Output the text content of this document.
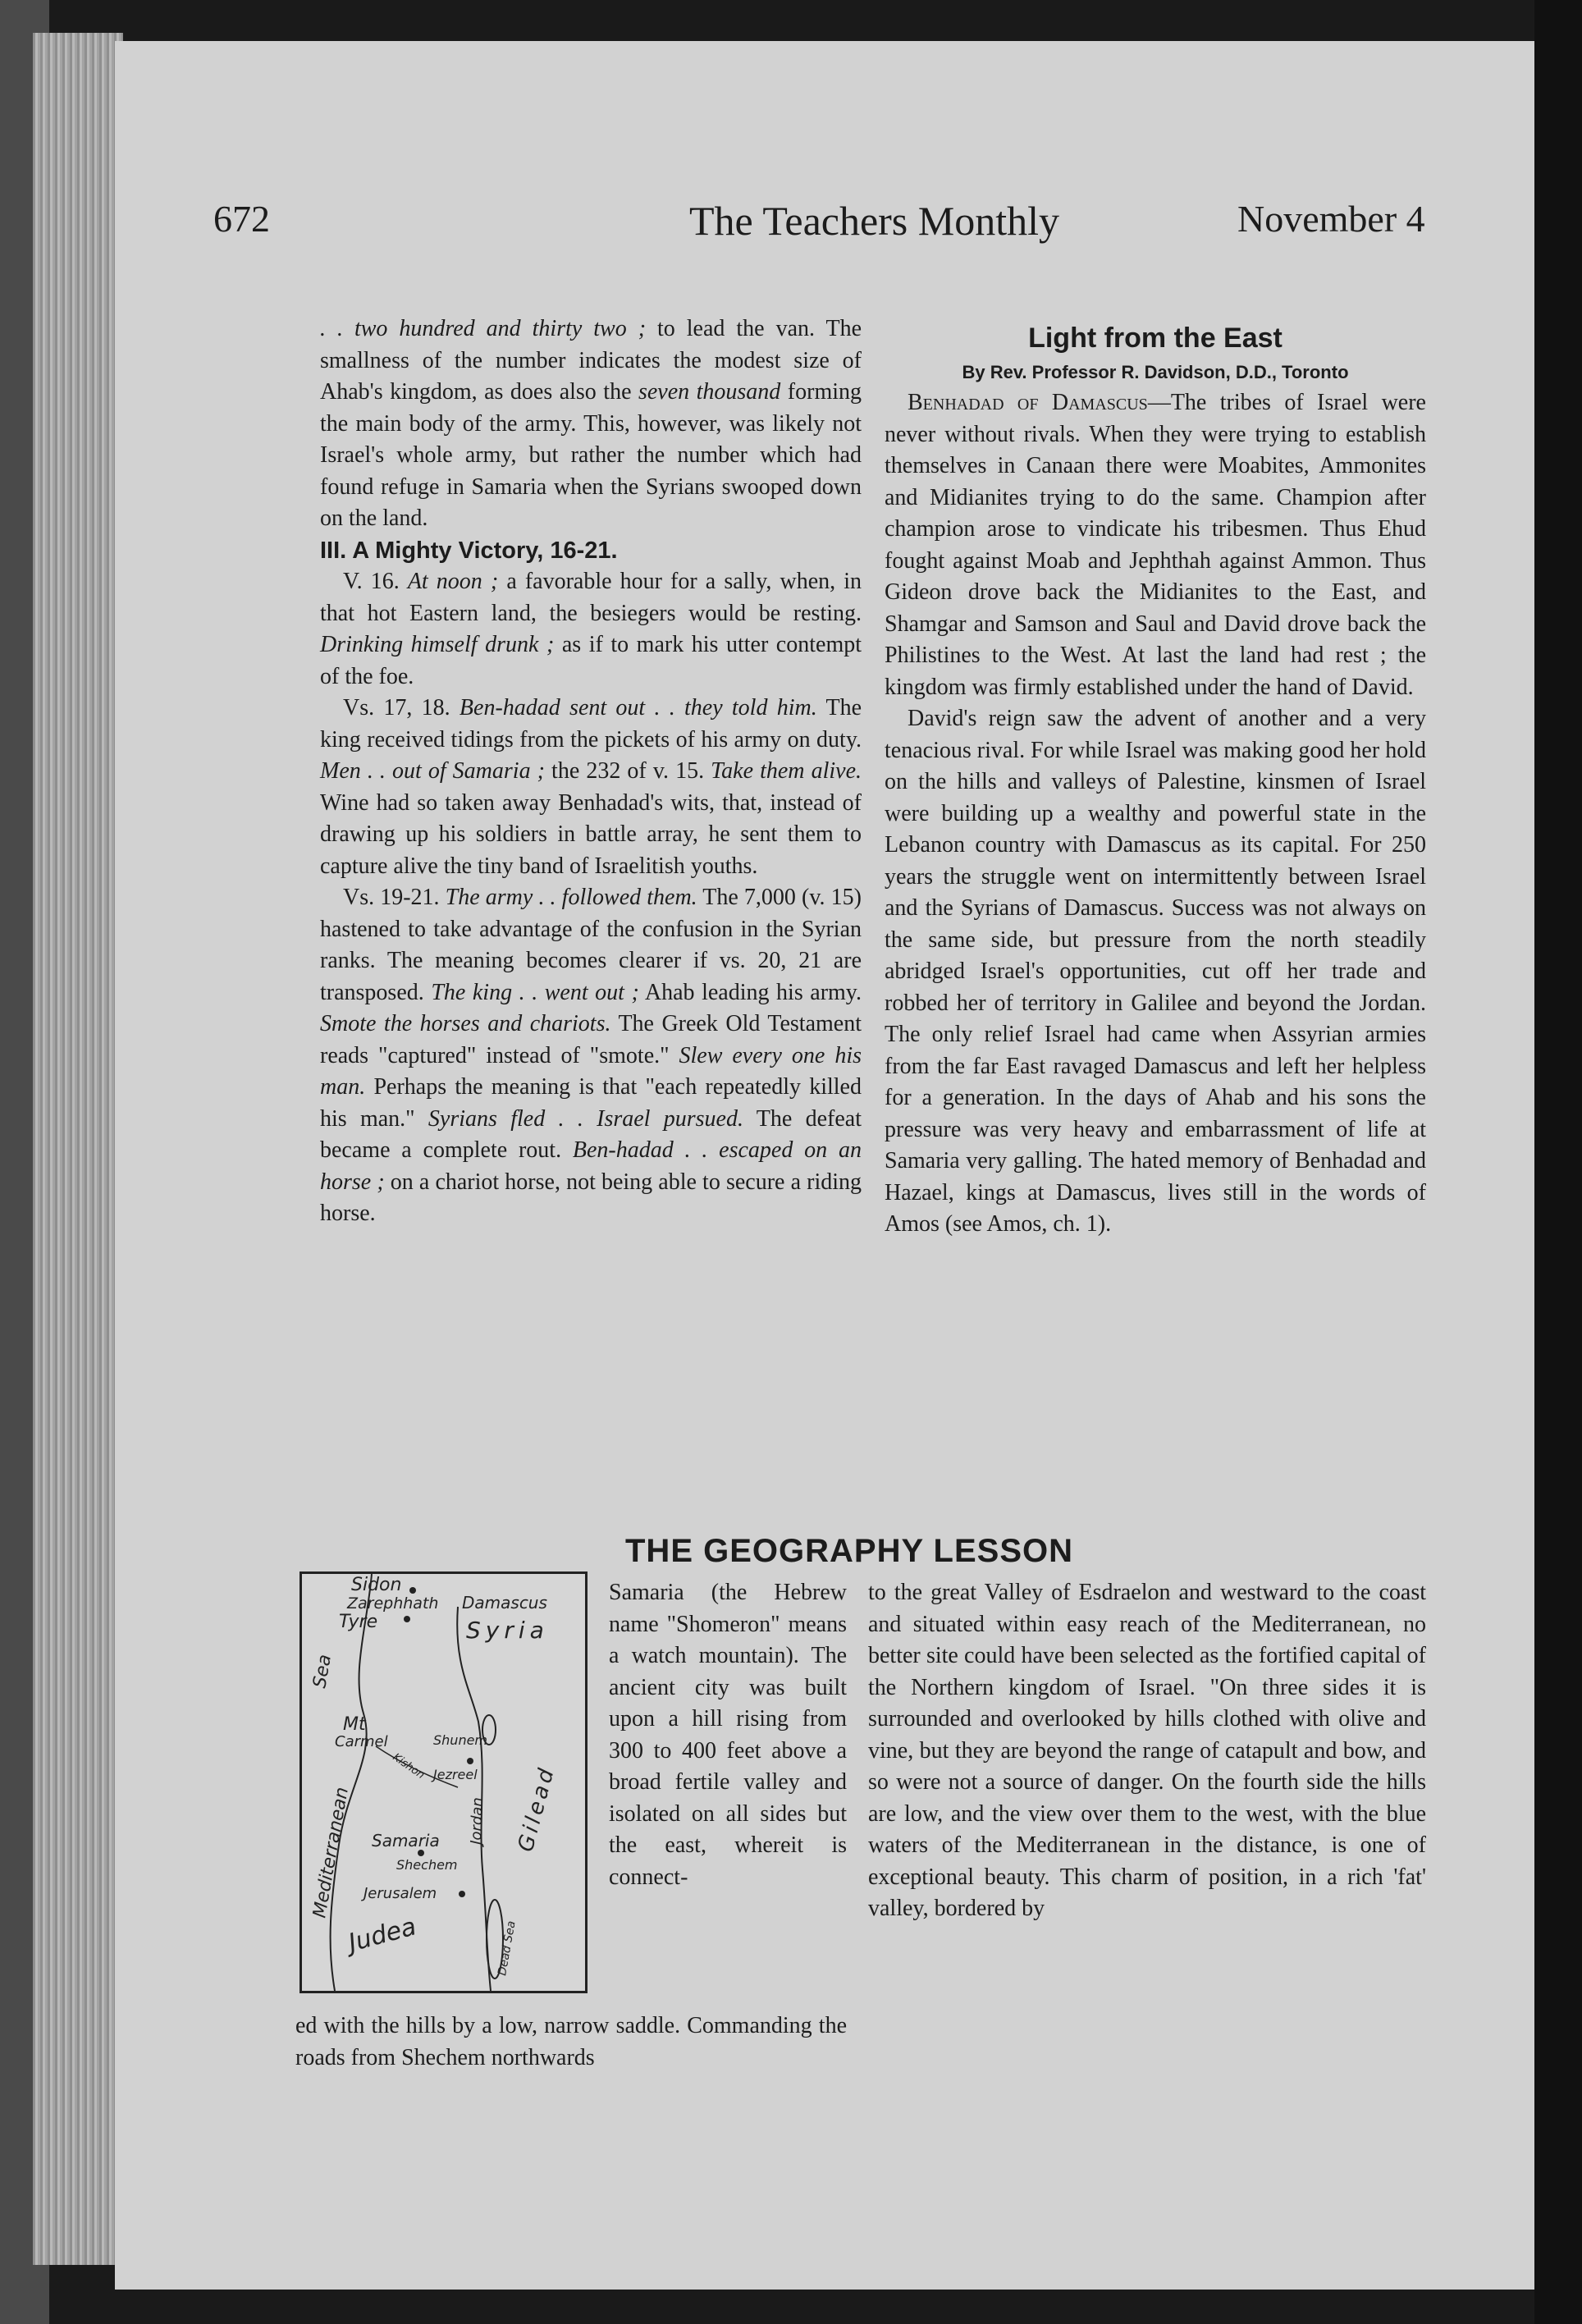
672	The Teachers Monthly	November 4

. . two hundred and thirty two ; to lead the van. The smallness of the number indicates the modest size of Ahab's kingdom, as does also the seven thousand forming the main body of the army. This, however, was likely not Israel's whole army, but rather the number which had found refuge in Samaria when the Syrians swooped down on the land.

III. A Mighty Victory, 16-21.

V. 16. At noon ; a favorable hour for a sally, when, in that hot Eastern land, the besiegers would be resting. Drinking himself drunk ; as if to mark his utter contempt of the foe.

Vs. 17, 18. Ben-hadad sent out . . they told him. The king received tidings from the pickets of his army on duty. Men . . out of Samaria ; the 232 of v. 15. Take them alive. Wine had so taken away Benhadad's wits, that, instead of drawing up his soldiers in battle array, he sent them to capture alive the tiny band of Israelitish youths.

Vs. 19-21. The army . . followed them. The 7,000 (v. 15) hastened to take advantage of the confusion in the Syrian ranks. The meaning becomes clearer if vs. 20, 21 are transposed. The king . . went out ; Ahab leading his army. Smote the horses and chariots. The Greek Old Testament reads "captured" instead of "smote." Slew every one his man. Perhaps the meaning is that "each repeatedly killed his man." Syrians fled . . Israel pursued. The defeat became a complete rout. Ben-hadad . . escaped on an horse ; on a chariot horse, not being able to secure a riding horse.

Light from the East

By Rev. Professor R. Davidson, D.D., Toronto

Benhadad of Damascus—The tribes of Israel were never without rivals. When they were trying to establish themselves in Canaan there were Moabites, Ammonites and Midianites trying to do the same. Champion after champion arose to vindicate his tribesmen. Thus Ehud fought against Moab and Jephthah against Ammon. Thus Gideon drove back the Midianites to the East, and Shamgar and Samson and Saul and David drove back the Philistines to the West. At last the land had rest ; the kingdom was firmly established under the hand of David.

David's reign saw the advent of another and a very tenacious rival. For while Israel was making good her hold on the hills and valleys of Palestine, kinsmen of Israel were building up a wealthy and powerful state in the Lebanon country with Damascus as its capital. For 250 years the struggle went on intermittently between Israel and the Syrians of Damascus. Success was not always on the same side, but pressure from the north steadily abridged Israel's opportunities, cut off her trade and robbed her of territory in Galilee and beyond the Jordan. The only relief Israel had came when Assyrian armies from the far East ravaged Damascus and left her helpless for a generation. In the days of Ahab and his sons the pressure was very heavy and embarrassment of life at Samaria very galling. The hated memory of Benhadad and Hazael, kings at Damascus, lives still in the words of Amos (see Amos, ch. 1).

THE GEOGRAPHY LESSON
Sidon
Zarephhath Damascus
Tyre	Syria
Sea
Mt
Carmel	Shunem
Kishon Jezreel
Mediterranean	Jordan Gilead
Samaria
Shechem
Jerusalem
Judea	Dead Sea

Samaria (the Hebrew name "Shomeron" means a watch mountain). The ancient city was built upon a hill rising from 300 to 400 feet above a broad fertile valley and isolated on all sides but the east, whereit is connect-

ed with the hills by a low, narrow saddle. Commanding the roads from Shechem northwards

to the great Valley of Esdraelon and westward to the coast and situated within easy reach of the Mediterranean, no better site could have been selected as the fortified capital of the Northern kingdom of Israel. "On three sides it is surrounded and overlooked by hills clothed with olive and vine, but they are beyond the range of catapult and bow, and so were not a source of danger. On the fourth side the hills are low, and the view over them to the west, with the blue waters of the Mediterranean in the distance, is one of exceptional beauty. This charm of position, in a rich 'fat' valley, bordered by
